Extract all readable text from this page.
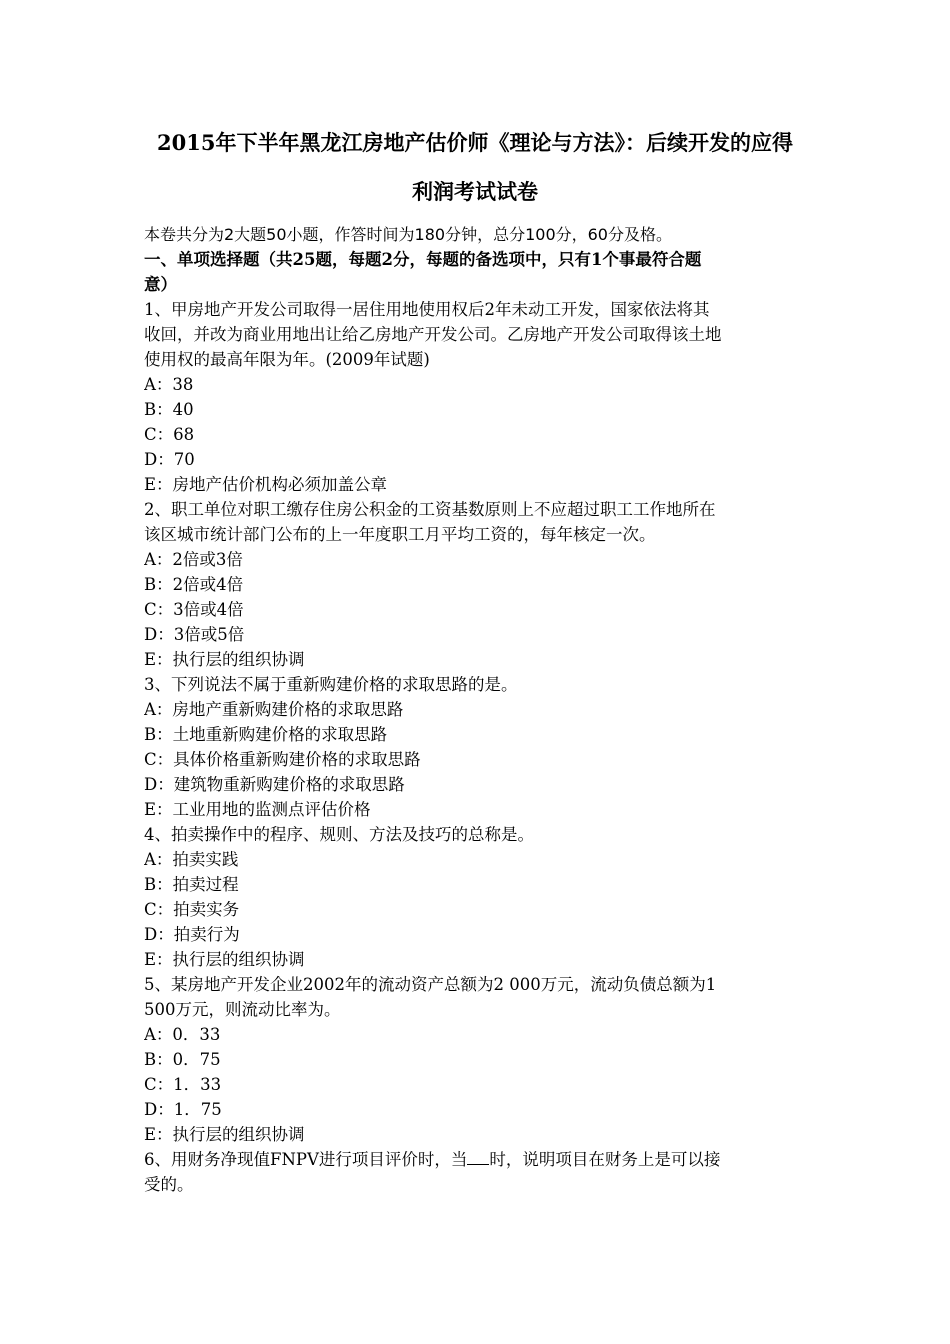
2015年下半年黑龙江房地产估价师《理论与方法》：后续开发的应得
利润考试试卷
本卷共分为2大题50小题，作答时间为180分钟，总分100分，60分及格。
一、单项选择题（共25题，每题2分，每题的备选项中，只有1个事最符合题
意）
1、甲房地产开发公司取得一居住用地使用权后2年未动工开发，国家依法将其
收回，并改为商业用地出让给乙房地产开发公司。乙房地产开发公司取得该土地
使用权的最高年限为年。(2009年试题)
A：38
B：40
C：68
D：70
E：房地产估价机构必须加盖公章
2、职工单位对职工缴存住房公积金的工资基数原则上不应超过职工工作地所在
该区城市统计部门公布的上一年度职工月平均工资的，每年核定一次。
A：2倍或3倍
B：2倍或4倍
C：3倍或4倍
D：3倍或5倍
E：执行层的组织协调
3、下列说法不属于重新购建价格的求取思路的是。
A：房地产重新购建价格的求取思路
B：土地重新购建价格的求取思路
C：具体价格重新购建价格的求取思路
D：建筑物重新购建价格的求取思路
E：工业用地的监测点评估价格
4、拍卖操作中的程序、规则、方法及技巧的总称是。
A：拍卖实践
B：拍卖过程
C：拍卖实务
D：拍卖行为
E：执行层的组织协调
5、某房地产开发企业2002年的流动资产总额为2 000万元，流动负债总额为1
500万元，则流动比率为。
A：0．33
B：0．75
C：1．33
D：1．75
E：执行层的组织协调
6、用财务净现值FNPV进行项目评价时，当 时，说明项目在财务上是可以接
受的。
